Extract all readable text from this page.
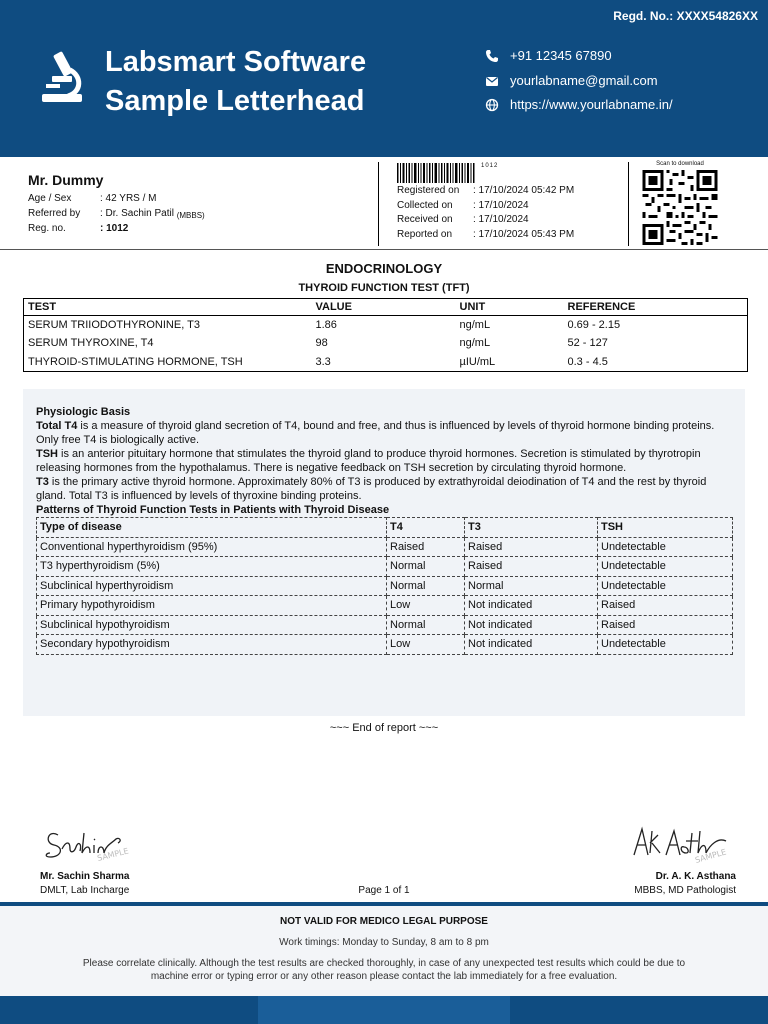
Regd. No.: XXXX54826XX
Labsmart Software
Sample Letterhead
+91 12345 67890
yourlabname@gmail.com
https://www.yourlabname.in/
Mr. Dummy
Age / Sex	: 42 YRS / M
Referred by	: Dr. Sachin Patil
(MBBS)
Reg. no.	: 1012
1012
Registered on	: 17/10/2024 05:42 PM
Collected on	: 17/10/2024
Received on	: 17/10/2024
Reported on	: 17/10/2024 05:43 PM
Scan to download
ENDOCRINOLOGY
THYROID FUNCTION TEST (TFT)
TEST	VALUE	UNIT	REFERENCE
SERUM TRIIODOTHYRONINE, T3	1.86	ng/mL	0.69 - 2.15
SERUM THYROXINE, T4	98	ng/mL	52 - 127
THYROID-STIMULATING HORMONE, TSH	3.3	µIU/mL	0.3 - 4.5

Physiologic Basis

Total T4 is a measure of thyroid gland secretion of T4, bound and free, and thus is influenced by levels of thyroid hormone binding proteins. Only free T4 is biologically active.

TSH is an anterior pituitary hormone that stimulates the thyroid gland to produce thyroid hormones. Secretion is stimulated by thyrotropin releasing hormones from the hypothalamus. There is negative feedback on TSH secretion by circulating thyroid hormone.

T3 is the primary active thyroid hormone. Approximately 80% of T3 is produced by extrathyroidal deiodination of T4 and the rest by thyroid gland. Total T3 is influenced by levels of thyroxine binding proteins.

Patterns of Thyroid Function Tests in Patients with Thyroid Disease

Type of disease	T4	T3	TSH
Conventional hyperthyroidism (95%)	Raised	Raised	Undetectable
T3 hyperthyroidism (5%)	Normal	Raised	Undetectable
Subclinical hyperthyroidism	Normal	Normal	Undetectable
Primary hypothyroidism	Low	Not indicated	Raised
Subclinical hypothyroidism	Normal	Not indicated	Raised
Secondary hypothyroidism	Low	Not indicated	Undetectable
~~~ End of report ~~~
SAMPLE	SAMPLE
Mr. Sachin Sharma
DMLT, Lab Incharge	Page 1 of 1
Dr. A. K. Asthana
MBBS, MD Pathologist
NOT VALID FOR MEDICO LEGAL PURPOSE
Work timings: Monday to Sunday, 8 am to 8 pm
Please correlate clinically. Although the test results are checked thoroughly, in case of any unexpected test results which could be due to machine error or typing error or any other reason please contact the lab immediately for a free evaluation.
